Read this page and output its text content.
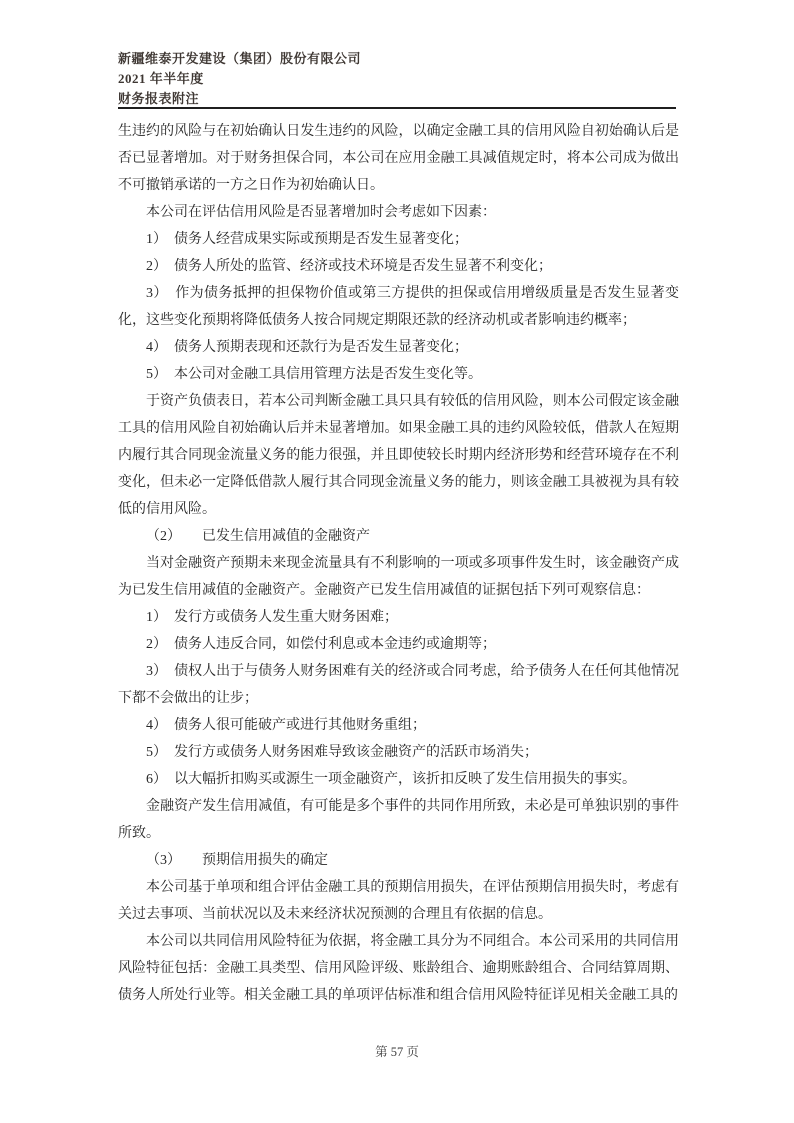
新疆维泰开发建设（集团）股份有限公司
2021 年半年度
财务报表附注

生违约的风险与在初始确认日发生违约的风险，以确定金融工具的信用风险自初始确认后是否已显著增加。对于财务担保合同，本公司在应用金融工具减值规定时，将本公司成为做出不可撤销承诺的一方之日作为初始确认日。

本公司在评估信用风险是否显著增加时会考虑如下因素：

1）　债务人经营成果实际或预期是否发生显著变化；

2）　债务人所处的监管、经济或技术环境是否发生显著不利变化；

3）　作为债务抵押的担保物价值或第三方提供的担保或信用增级质量是否发生显著变化，这些变化预期将降低债务人按合同规定期限还款的经济动机或者影响违约概率；

4）　债务人预期表现和还款行为是否发生显著变化；

5）　本公司对金融工具信用管理方法是否发生变化等。

于资产负债表日，若本公司判断金融工具只具有较低的信用风险，则本公司假定该金融工具的信用风险自初始确认后并未显著增加。如果金融工具的违约风险较低，借款人在短期内履行其合同现金流量义务的能力很强，并且即使较长时期内经济形势和经营环境存在不利变化，但未必一定降低借款人履行其合同现金流量义务的能力，则该金融工具被视为具有较低的信用风险。

（2）　　已发生信用减值的金融资产

当对金融资产预期未来现金流量具有不利影响的一项或多项事件发生时，该金融资产成为已发生信用减值的金融资产。金融资产已发生信用减值的证据包括下列可观察信息：

1）　发行方或债务人发生重大财务困难；

2）　债务人违反合同，如偿付利息或本金违约或逾期等；

3）　债权人出于与债务人财务困难有关的经济或合同考虑，给予债务人在任何其他情况下都不会做出的让步；

4）　债务人很可能破产或进行其他财务重组；

5）　发行方或债务人财务困难导致该金融资产的活跃市场消失；

6）　以大幅折扣购买或源生一项金融资产，该折扣反映了发生信用损失的事实。

金融资产发生信用减值，有可能是多个事件的共同作用所致，未必是可单独识别的事件所致。

（3）　　预期信用损失的确定

本公司基于单项和组合评估金融工具的预期信用损失，在评估预期信用损失时，考虑有关过去事项、当前状况以及未来经济状况预测的合理且有依据的信息。

本公司以共同信用风险特征为依据，将金融工具分为不同组合。本公司采用的共同信用风险特征包括：金融工具类型、信用风险评级、账龄组合、逾期账龄组合、合同结算周期、债务人所处行业等。相关金融工具的单项评估标准和组合信用风险特征详见相关金融工具的

第 57 页
